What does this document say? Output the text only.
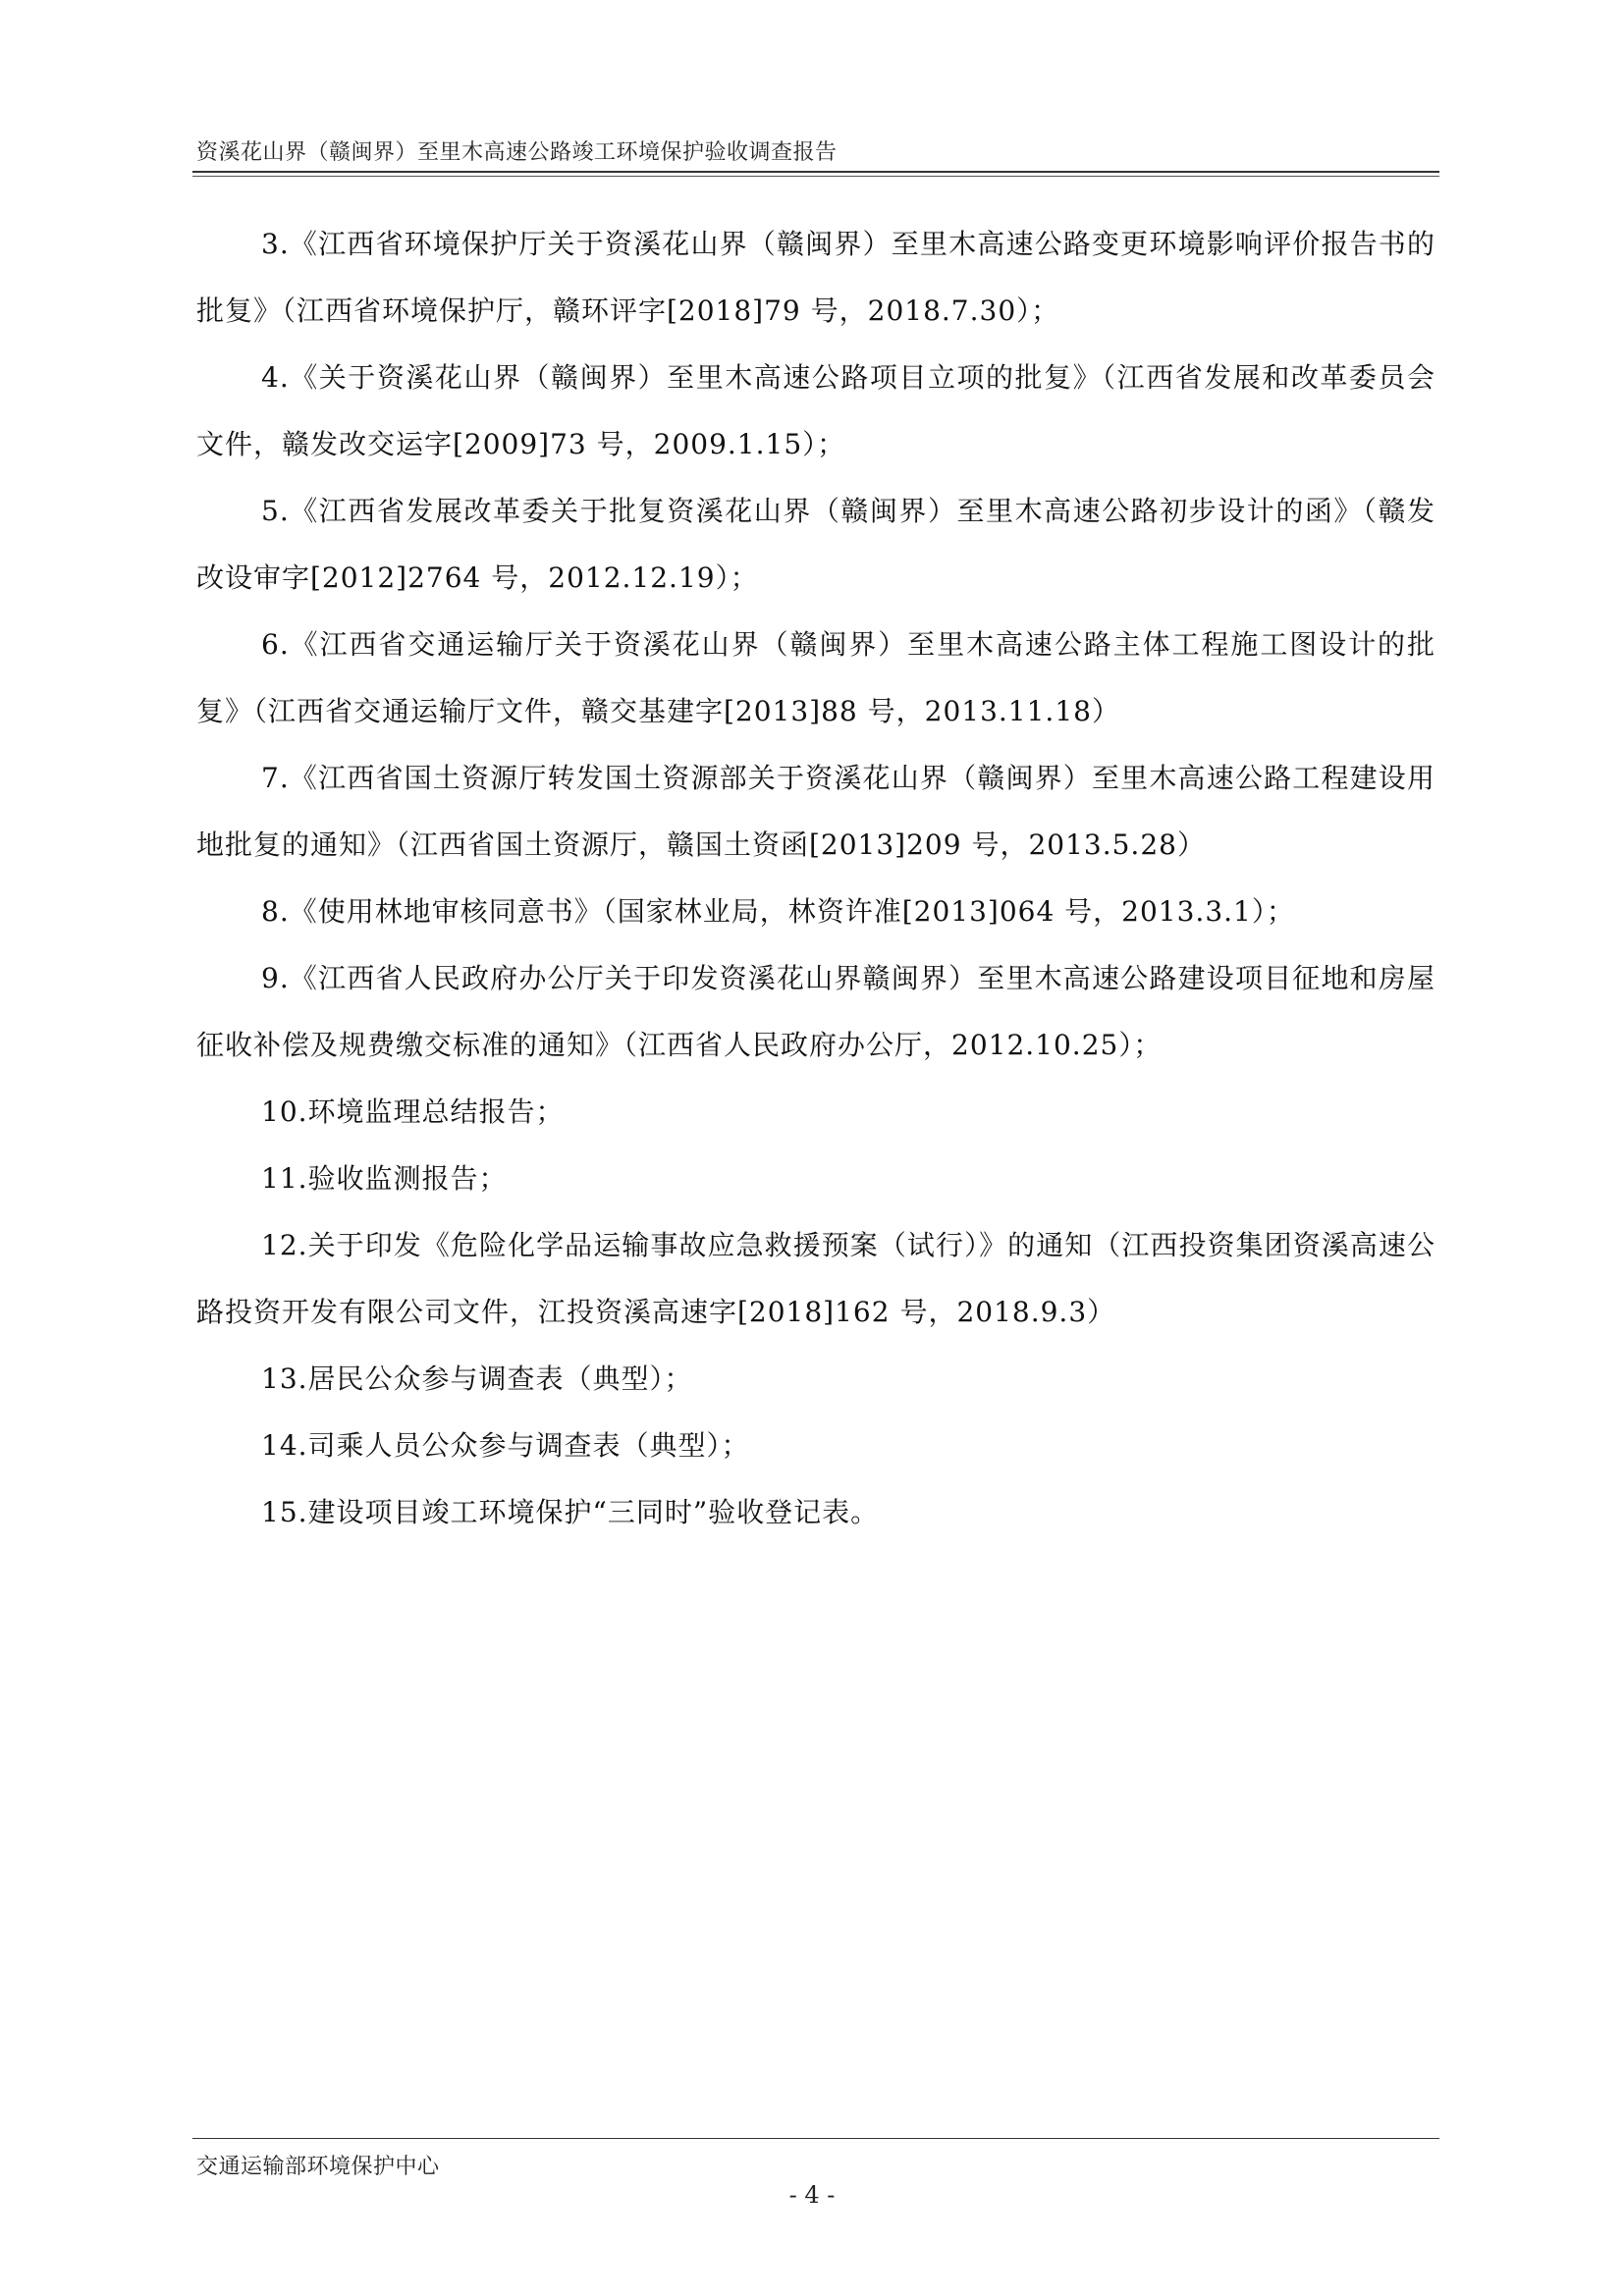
资溪花山界（赣闽界）至里木高速公路竣工环境保护验收调查报告

3.《江西省环境保护厅关于资溪花山界（赣闽界）至里木高速公路变更环境影响评价报告书的批复》（江西省环境保护厅，赣环评字[2018]79 号，2018.7.30）；

4.《关于资溪花山界（赣闽界）至里木高速公路项目立项的批复》（江西省发展和改革委员会文件，赣发改交运字[2009]73 号，2009.1.15）；

5.《江西省发展改革委关于批复资溪花山界（赣闽界）至里木高速公路初步设计的函》（赣发改设审字[2012]2764 号，2012.12.19）；

6.《江西省交通运输厅关于资溪花山界（赣闽界）至里木高速公路主体工程施工图设计的批复》（江西省交通运输厅文件，赣交基建字[2013]88 号，2013.11.18）

7.《江西省国土资源厅转发国土资源部关于资溪花山界（赣闽界）至里木高速公路工程建设用地批复的通知》（江西省国土资源厅，赣国土资函[2013]209 号，2013.5.28）

8.《使用林地审核同意书》（国家林业局，林资许准[2013]064 号，2013.3.1）；

9.《江西省人民政府办公厅关于印发资溪花山界赣闽界）至里木高速公路建设项目征地和房屋征收补偿及规费缴交标准的通知》（江西省人民政府办公厅，2012.10.25）；

10.环境监理总结报告；

11.验收监测报告；

12.关于印发《危险化学品运输事故应急救援预案（试行）》的通知（江西投资集团资溪高速公路投资开发有限公司文件，江投资溪高速字[2018]162 号，2018.9.3）

13.居民公众参与调查表（典型）；

14.司乘人员公众参与调查表（典型）；

15.建设项目竣工环境保护“三同时”验收登记表。

交通运输部环境保护中心
- 4 -
